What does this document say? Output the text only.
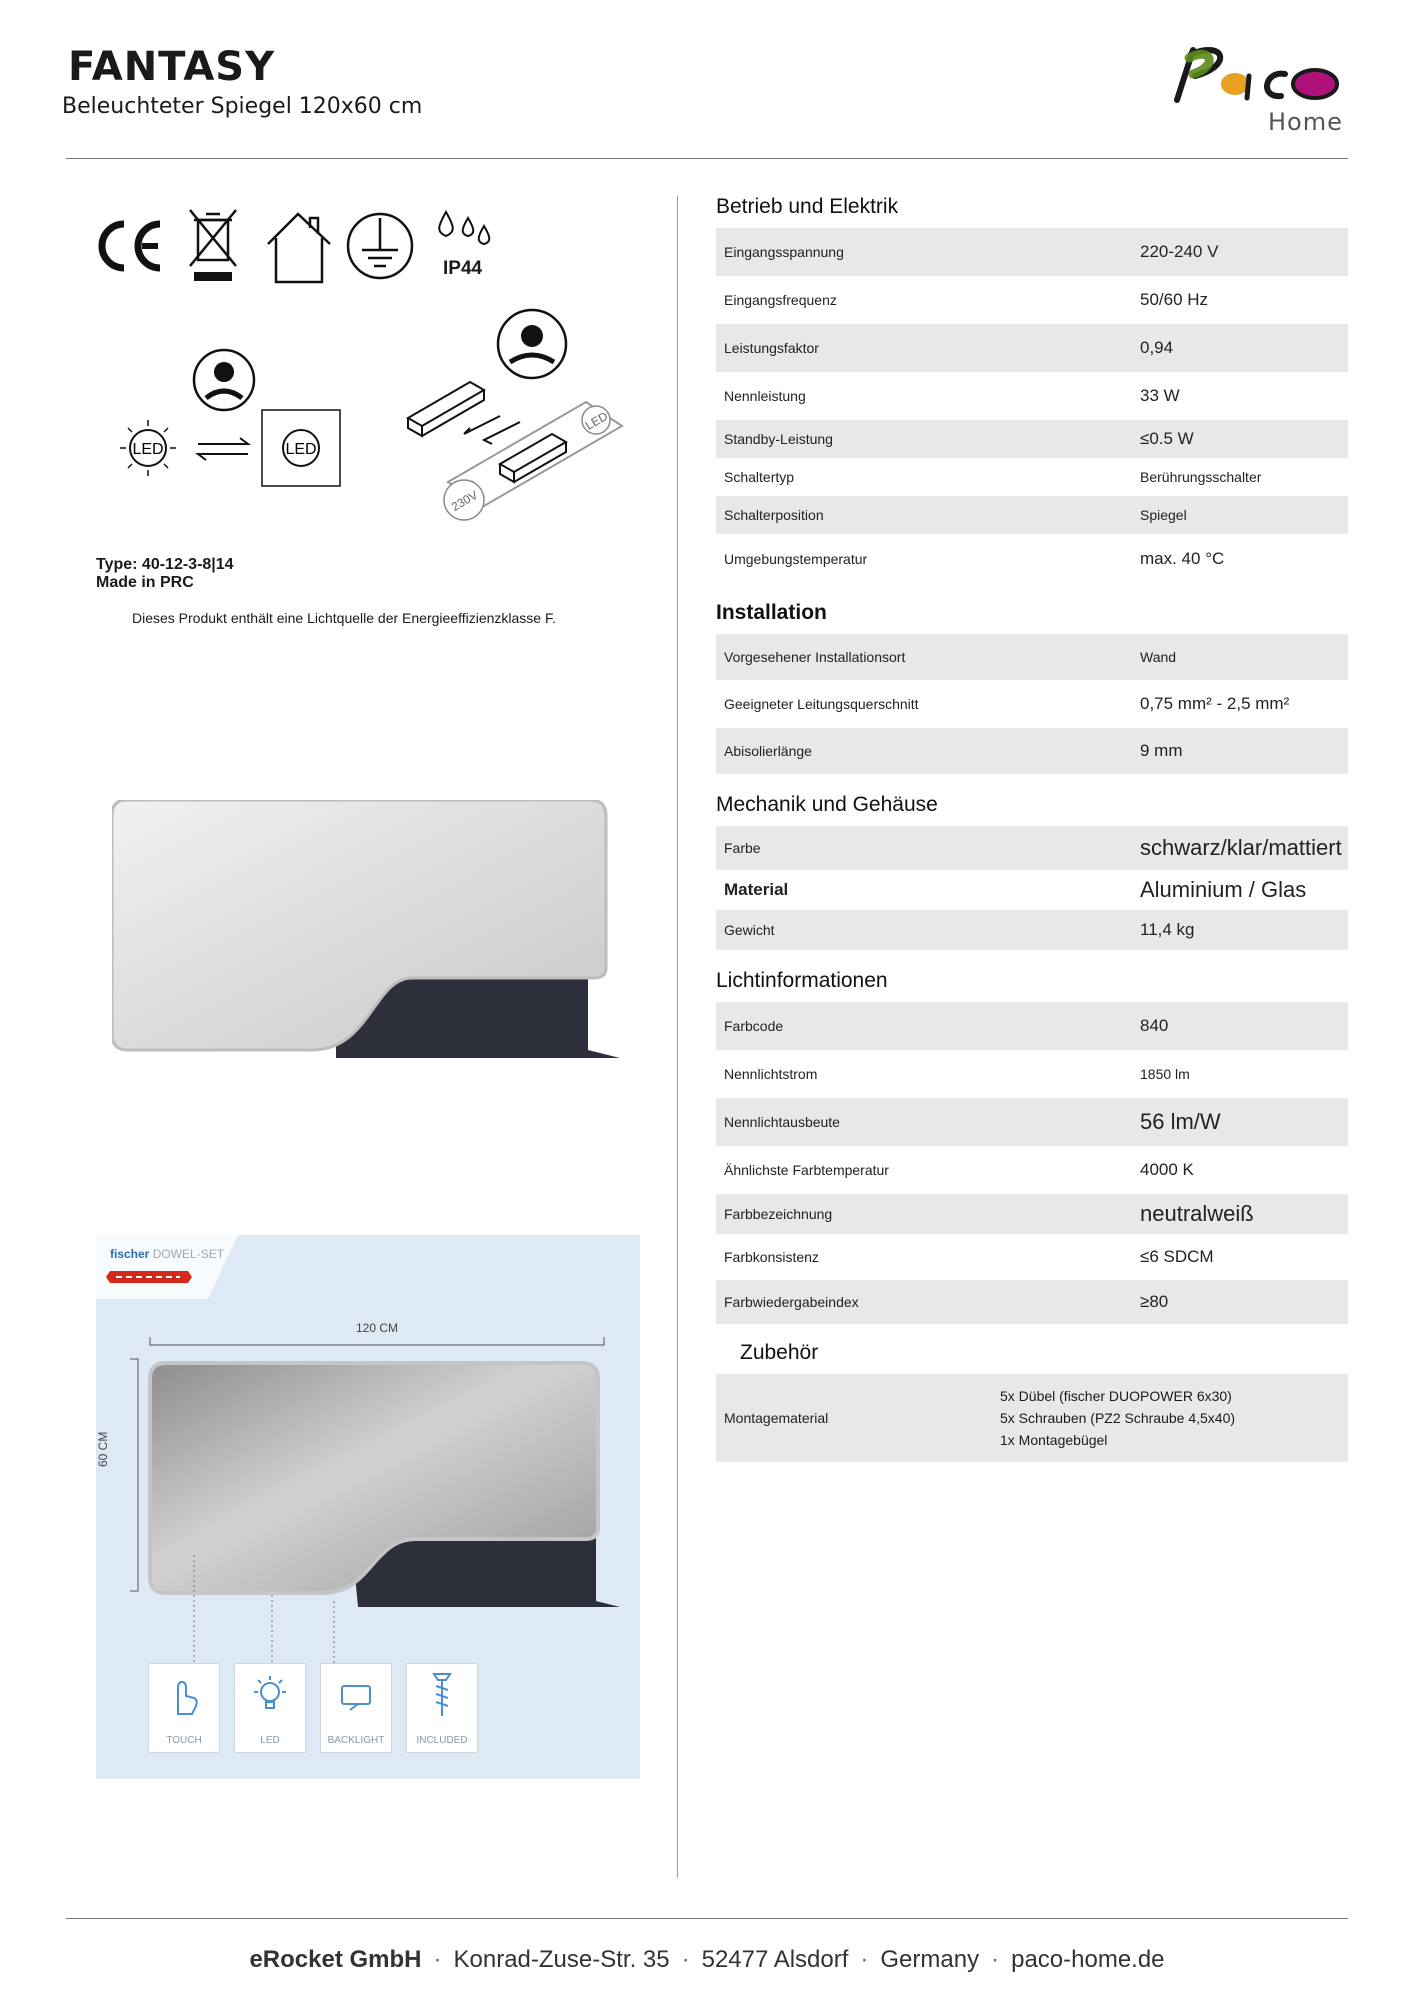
FANTASY
Beleuchteter Spiegel 120x60 cm
Paco
Home
IP44
LED	LED
LED
230V
Type: 40-12-3-8|14
Made in PRC
Dieses Produkt enthält eine Lichtquelle der Energieeffizienzklasse F.
fischer DOWEL-SET
120 CM
60 CM
TOUCH	LED	BACKLIGHT	INCLUDED
Betrieb und Elektrik
Eingangsspannung	220-240 V
Eingangsfrequenz	50/60 Hz
Leistungsfaktor	0,94
Nennleistung	33 W
Standby-Leistung	≤0.5 W
Schaltertyp	Berührungsschalter
Schalterposition	Spiegel
Umgebungstemperatur	max. 40 °C
Installation
Vorgesehener Installationsort	Wand
Geeigneter Leitungsquerschnitt	0,75 mm² - 2,5 mm²
Abisolierlänge	9 mm
Mechanik und Gehäuse
Farbe	schwarz/klar/mattiert
Material	Aluminium / Glas
Gewicht	11,4 kg
Lichtinformationen
Farbcode	840
Nennlichtstrom	1850 lm
Nennlichtausbeute	56 lm/W
Ähnlichste Farbtemperatur	4000 K
Farbbezeichnung	neutralweiß
Farbkonsistenz	≤6 SDCM
Farbwiedergabeindex	≥80
Zubehör
Montagematerial
5x Dübel (fischer DUOPOWER 6x30)
5x Schrauben (PZ2 Schraube 4,5x40)
1x Montagebügel
eRocket GmbH · Konrad-Zuse-Str. 35 · 52477 Alsdorf · Germany · paco-home.de
